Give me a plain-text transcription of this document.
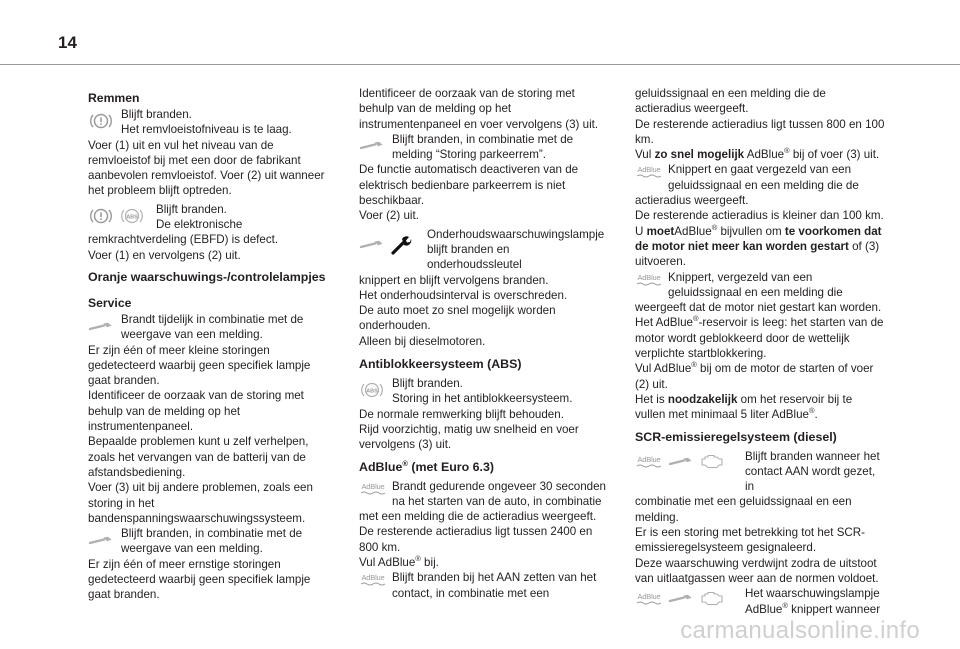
14
Remmen

Blijft branden.

Het remvloeistofniveau is te laag.

Voer (1) uit en vul het niveau van de remvloeistof bij met een door de fabrikant aanbevolen remvloeistof. Voer (2) uit wanneer het probleem blijft optreden.

ABS

Blijft branden.

De elektronische

remkrachtverdeling (EBFD) is defect.

Voer (1) en vervolgens (2) uit.

Oranje waarschuwings-/controlelampjes
Service

Brandt tijdelijk in combinatie met de weergave van een melding.

Er zijn één of meer kleine storingen gedetecteerd waarbij geen specifiek lampje gaat branden.

Identificeer de oorzaak van de storing met behulp van de melding op het instrumentenpaneel.

Bepaalde problemen kunt u zelf verhelpen, zoals het vervangen van de batterij van de afstandsbediening.

Voer (3) uit bij andere problemen, zoals een storing in het bandenspanningswaarschuwingssysteem.

Blijft branden, in combinatie met de weergave van een melding.

Er zijn één of meer ernstige storingen gedetecteerd waarbij geen specifiek lampje gaat branden.

Identificeer de oorzaak van de storing met behulp van de melding op het instrumentenpaneel en voer vervolgens (3) uit.

Blijft branden, in combinatie met de melding “Storing parkeerrem”.

De functie automatisch deactiveren van de elektrisch bedienbare parkeerrem is niet beschikbaar.

Voer (2) uit.

Onderhoudswaarschuwingslampje blijft branden en onderhoudssleutel

knippert en blijft vervolgens branden.

Het onderhoudsinterval is overschreden.

De auto moet zo snel mogelijk worden onderhouden.

Alleen bij dieselmotoren.

Antiblokkeersysteem (ABS)
ABS

Blijft branden.

Storing in het antiblokkeersysteem.

De normale remwerking blijft behouden.

Rijd voorzichtig, matig uw snelheid en voer vervolgens (3) uit.

AdBlue® (met Euro 6.3)
AdBlue Brandt gedurende ongeveer 30 seconden na het starten van de auto, in combinatie

met een melding die de actieradius weergeeft.

De resterende actieradius ligt tussen 2400 en 800 km.

Vul AdBlue® bij.

AdBlue Blijft branden bij het AAN zetten van het contact, in combinatie met een

geluidssignaal en een melding die de actieradius weergeeft.

De resterende actieradius ligt tussen 800 en 100 km.

Vul zo snel mogelijk AdBlue® bij of voer (3) uit.

AdBlue Knippert en gaat vergezeld van een geluidssignaal en een melding die de

actieradius weergeeft.

De resterende actieradius is kleiner dan 100 km.

U moetAdBlue® bijvullen om te voorkomen dat de motor niet meer kan worden gestart of (3) uitvoeren.

AdBlue Knippert, vergezeld van een geluidssignaal en een melding die

weergeeft dat de motor niet gestart kan worden.

Het AdBlue®-reservoir is leeg: het starten van de motor wordt geblokkeerd door de wettelijk verplichte startblokkering.

Vul AdBlue® bij om de motor de starten of voer (2) uit.

Het is noodzakelijk om het reservoir bij te vullen met minimaal 5 liter AdBlue®.

SCR-emissieregelsysteem (diesel)
AdBlue	Blijft branden wanneer het contact AAN wordt gezet, in

combinatie met een geluidssignaal en een melding.

Er is een storing met betrekking tot het SCR-emissieregelsysteem gesignaleerd.

Deze waarschuwing verdwijnt zodra de uitstoot van uitlaatgassen weer aan de normen voldoet.

AdBlue	Het waarschuwingslampje AdBlue® knippert wanneer

carmanualsonline.info
